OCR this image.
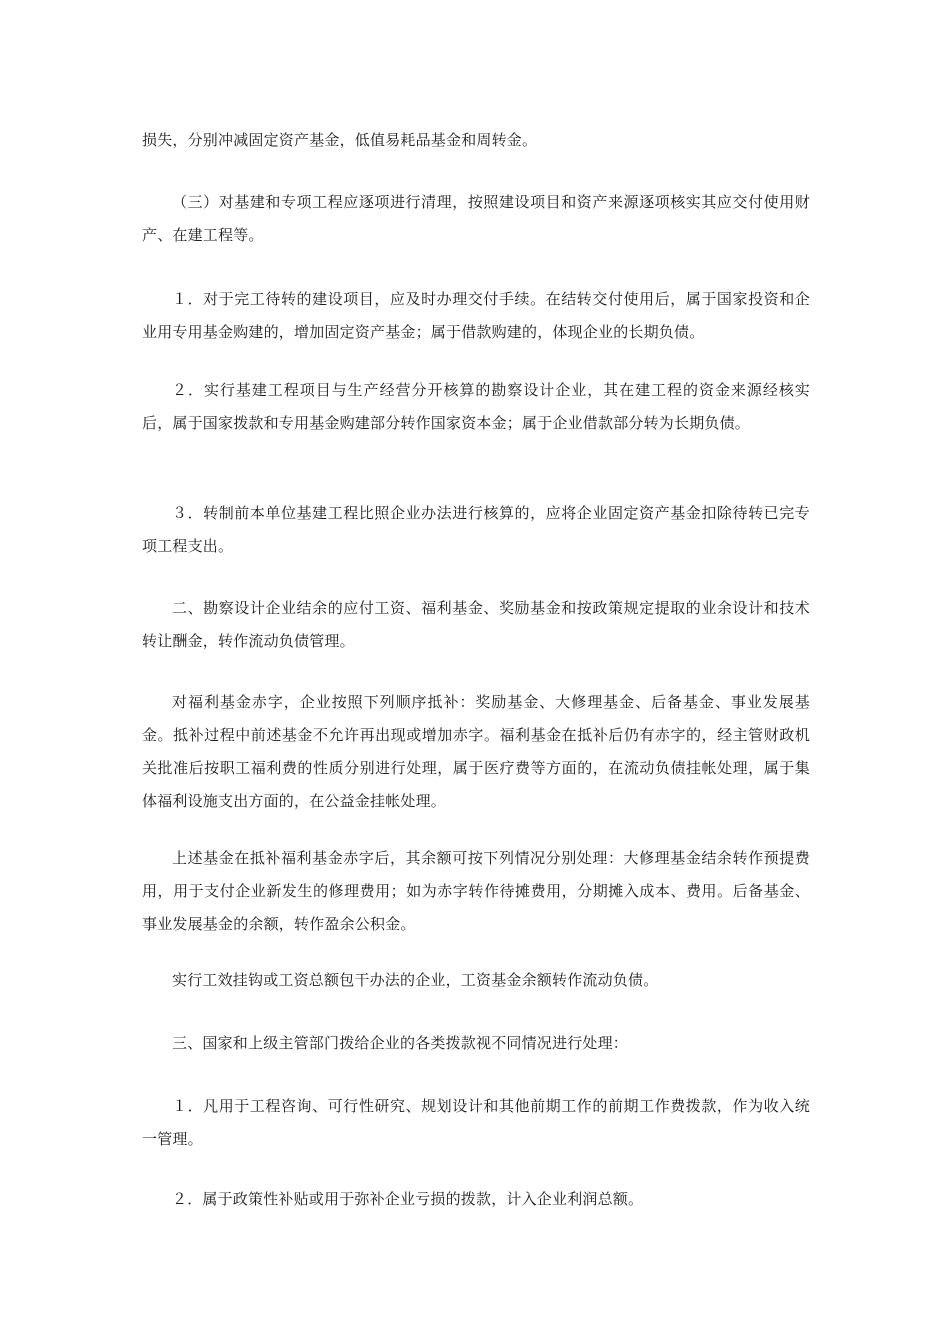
损失，分别冲减固定资产基金，低值易耗品基金和周转金。

（三）对基建和专项工程应逐项进行清理，按照建设项目和资产来源逐项核实其应交付使用财产、在建工程等。

１．对于完工待转的建设项目，应及时办理交付手续。在结转交付使用后，属于国家投资和企业用专用基金购建的，增加固定资产基金；属于借款购建的，体现企业的长期负债。

２．实行基建工程项目与生产经营分开核算的勘察设计企业，其在建工程的资金来源经核实后，属于国家拨款和专用基金购建部分转作国家资本金；属于企业借款部分转为长期负债。

３．转制前本单位基建工程比照企业办法进行核算的，应将企业固定资产基金扣除待转已完专项工程支出。

二、勘察设计企业结余的应付工资、福利基金、奖励基金和按政策规定提取的业余设计和技术转让酬金，转作流动负债管理。

对福利基金赤字，企业按照下列顺序抵补：奖励基金、大修理基金、后备基金、事业发展基金。抵补过程中前述基金不允许再出现或增加赤字。福利基金在抵补后仍有赤字的，经主管财政机关批准后按职工福利费的性质分别进行处理，属于医疗费等方面的，在流动负债挂帐处理，属于集体福利设施支出方面的，在公益金挂帐处理。

上述基金在抵补福利基金赤字后，其余额可按下列情况分别处理：大修理基金结余转作预提费用，用于支付企业新发生的修理费用；如为赤字转作待摊费用，分期摊入成本、费用。后备基金、事业发展基金的余额，转作盈余公积金。

实行工效挂钩或工资总额包干办法的企业，工资基金余额转作流动负债。

三、国家和上级主管部门拨给企业的各类拨款视不同情况进行处理：

１．凡用于工程咨询、可行性研究、规划设计和其他前期工作的前期工作费拨款，作为收入统一管理。

２．属于政策性补贴或用于弥补企业亏损的拨款，计入企业利润总额。
